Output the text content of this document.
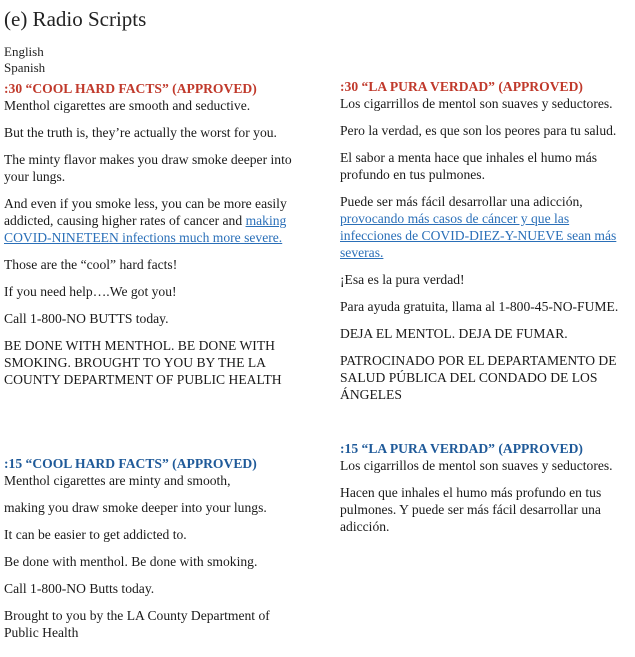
(e) Radio Scripts
English
Spanish
:30 “COOL HARD FACTS” (APPROVED)

Menthol cigarettes are smooth and seductive.

But the truth is, they’re actually the worst for you.

The minty flavor makes you draw smoke deeper into your lungs.

And even if you smoke less, you can be more easily addicted, causing higher rates of cancer and making COVID-NINETEEN infections much more severe.

Those are the “cool” hard facts!

If you need help….We got you!

Call 1-800-NO BUTTS today.

BE DONE WITH MENTHOL. BE DONE WITH SMOKING. BROUGHT TO YOU BY THE LA COUNTY DEPARTMENT OF PUBLIC HEALTH

:30 “LA PURA VERDAD” (APPROVED)

Los cigarrillos de mentol son suaves y seductores.

Pero la verdad, es que son los peores para tu salud.

El sabor a menta hace que inhales el humo más profundo en tus pulmones.

Puede ser más fácil desarrollar una adicción, provocando más casos de cáncer y que las infecciones de COVID-DIEZ-Y-NUEVE sean más severas.

¡Esa es la pura verdad!

Para ayuda gratuita, llama al 1-800-45-NO-FUME.

DEJA EL MENTOL. DEJA DE FUMAR.

PATROCINADO POR EL DEPARTAMENTO DE SALUD PÚBLICA DEL CONDADO DE LOS ÁNGELES

:15 “COOL HARD FACTS” (APPROVED)

Menthol cigarettes are minty and smooth,

making you draw smoke deeper into your lungs.

It can be easier to get addicted to.

Be done with menthol. Be done with smoking.

Call 1-800-NO Butts today.

Brought to you by the LA County Department of Public Health

:15 “LA PURA VERDAD” (APPROVED)

Los cigarrillos de mentol son suaves y seductores.

Hacen que inhales el humo más profundo en tus pulmones. Y puede ser más fácil desarrollar una adicción.
